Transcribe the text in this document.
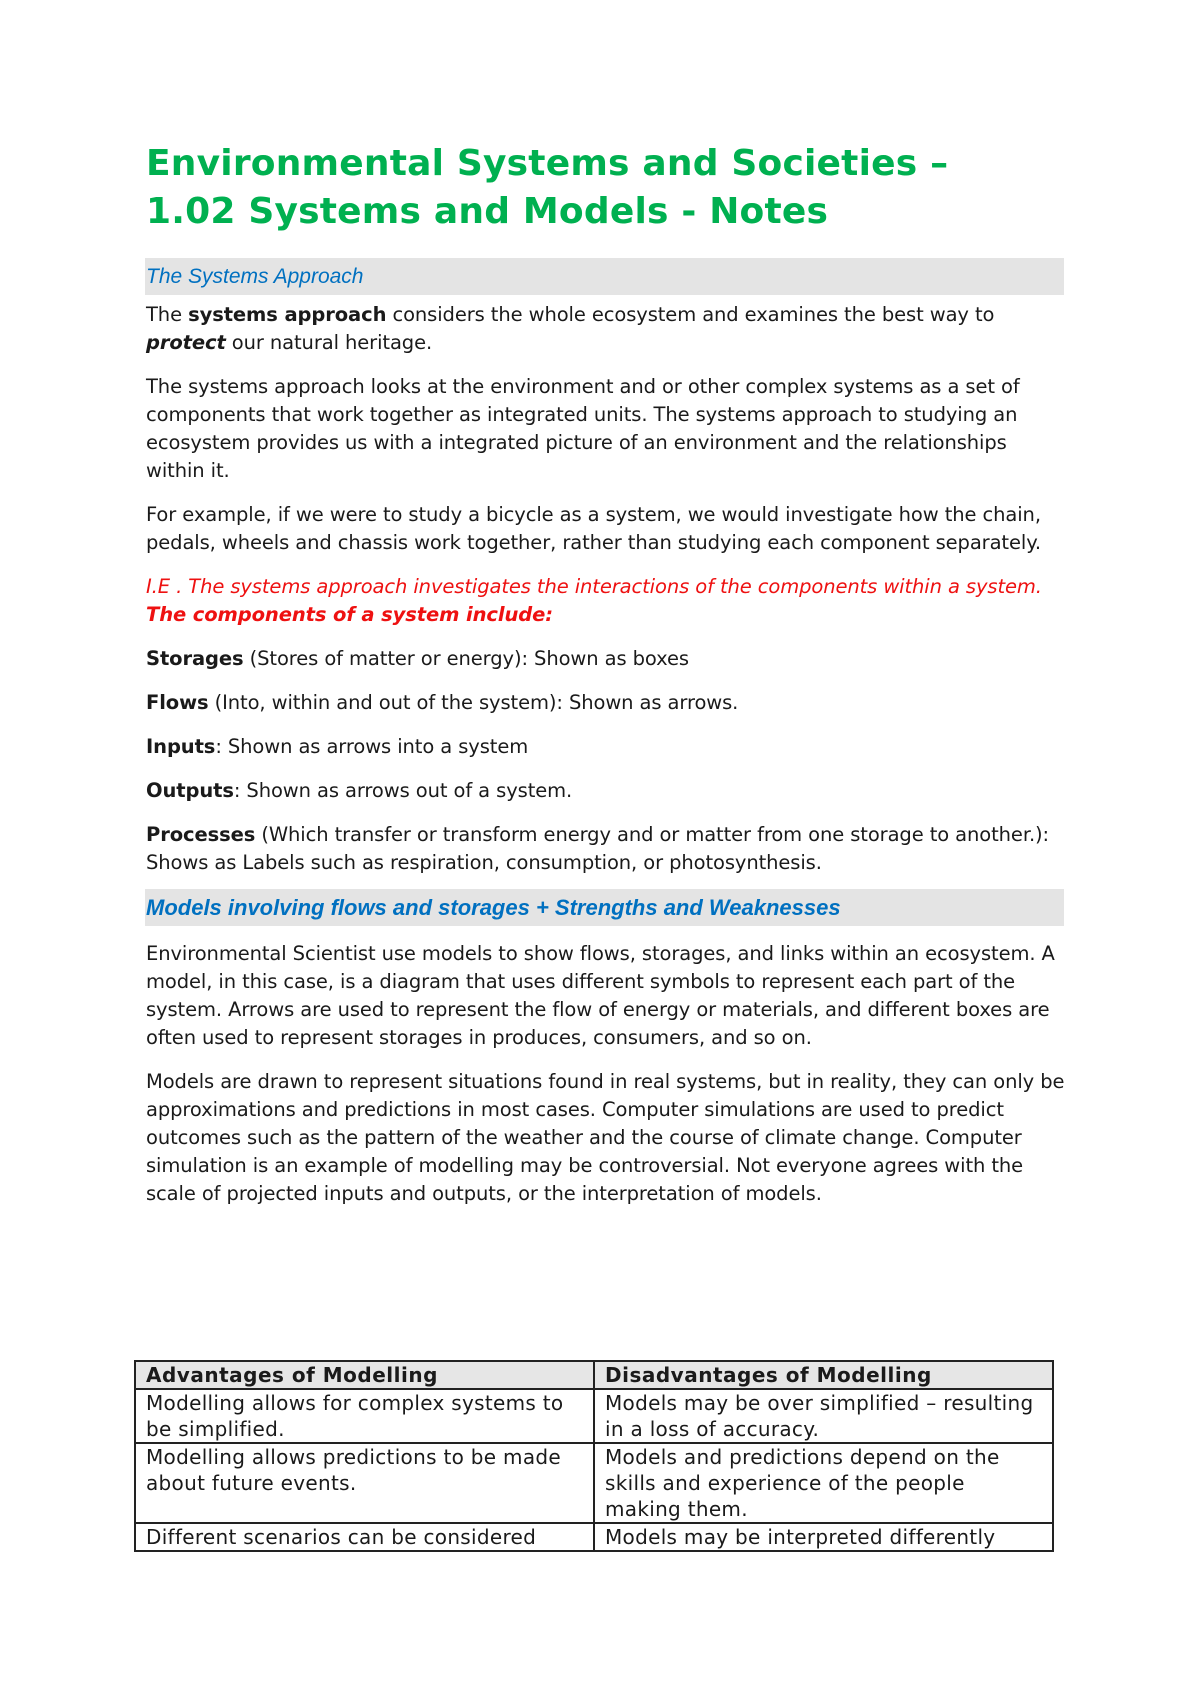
Environmental Systems and Societies –
1.02 Systems and Models - Notes
The Systems Approach

The systems approach considers the whole ecosystem and examines the best way to protect our natural heritage.

The systems approach looks at the environment and or other complex systems as a set of components that work together as integrated units. The systems approach to studying an ecosystem provides us with a integrated picture of an environment and the relationships within it.

For example, if we were to study a bicycle as a system, we would investigate how the chain, pedals, wheels and chassis work together, rather than studying each component separately.

I.E . The systems approach investigates the interactions of the components within a system. The components of a system include:

Storages (Stores of matter or energy): Shown as boxes

Flows (Into, within and out of the system): Shown as arrows.

Inputs: Shown as arrows into a system

Outputs: Shown as arrows out of a system.

Processes (Which transfer or transform energy and or matter from one storage to another.): Shows as Labels such as respiration, consumption, or photosynthesis.

Models involving flows and storages + Strengths and Weaknesses

Environmental Scientist use models to show flows, storages, and links within an ecosystem. A model, in this case, is a diagram that uses different symbols to represent each part of the system. Arrows are used to represent the flow of energy or materials, and different boxes are often used to represent storages in produces, consumers, and so on.

Models are drawn to represent situations found in real systems, but in reality, they can only be approximations and predictions in most cases. Computer simulations are used to predict outcomes such as the pattern of the weather and the course of climate change. Computer simulation is an example of modelling may be controversial. Not everyone agrees with the scale of projected inputs and outputs, or the interpretation of models.

Advantages of Modelling	Disadvantages of Modelling
Modelling allows for complex systems to be simplified.	Models may be over simplified – resulting in a loss of accuracy.
Modelling allows predictions to be made about future events.	Models and predictions depend on the skills and experience of the people making them.
Different scenarios can be considered	Models may be interpreted differently
